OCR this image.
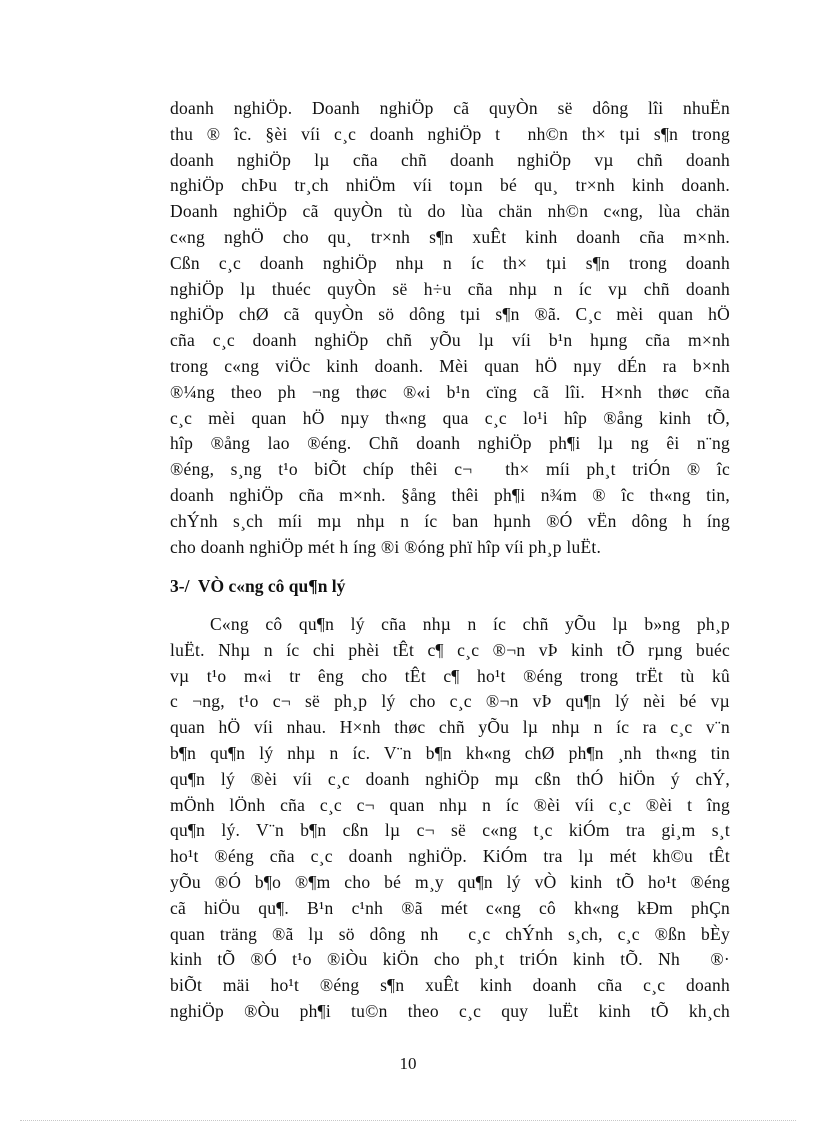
doanh nghiÖp. Doanh nghiÖp cã quyÒn së dông lîi nhuËn
thu ® îc. §èi víi c¸c doanh nghiÖp t  nh©n th× tµi s¶n trong
doanh nghiÖp lµ cña chñ doanh nghiÖp vµ chñ doanh
nghiÖp chÞu tr¸ch nhiÖm víi toµn bé qu¸ tr×nh kinh doanh.
Doanh nghiÖp cã quyÒn tù do lùa chän nh©n c«ng, lùa chän
c«ng nghÖ cho qu¸ tr×nh s¶n xuÊt kinh doanh cña m×nh.
Cßn c¸c doanh nghiÖp nhµ n íc th× tµi s¶n trong doanh
nghiÖp lµ thuéc quyÒn së h÷u cña nhµ n íc vµ chñ doanh
nghiÖp chØ cã quyÒn sö dông tµi s¶n ®ã. C¸c mèi quan hÖ
cña c¸c doanh nghiÖp chñ yÕu lµ víi b¹n hµng cña m×nh
trong c«ng viÖc kinh doanh. Mèi quan hÖ nµy dÉn ra b×nh
®¼ng theo ph ¬ng thøc ®«i b¹n cïng cã lîi. H×nh thøc cña
c¸c mèi quan hÖ nµy th«ng qua c¸c lo¹i hîp ®ång kinh tÕ,
hîp ®ång lao ®éng. Chñ doanh nghiÖp ph¶i lµ ng êi n¨ng
®éng, s¸ng t¹o biÕt chíp thêi c¬  th× míi ph¸t triÓn ® îc
doanh nghiÖp cña m×nh. §ång thêi ph¶i n¾m ® îc th«ng tin,
chÝnh s¸ch míi mµ nhµ n íc ban hµnh ®Ó vËn dông h íng
cho doanh nghiÖp mét h íng ®i ®óng phï hîp víi ph¸p luËt.
3-/ VÒ c«ng cô qu¶n lý
C«ng cô qu¶n lý cña nhµ n íc chñ yÕu lµ b»ng ph¸p
luËt. Nhµ n íc chi phèi tÊt c¶ c¸c ®¬n vÞ kinh tÕ rµng buéc
vµ t¹o m«i tr êng cho tÊt c¶ ho¹t ®éng trong trËt tù kû
c ¬ng, t¹o c¬ së ph¸p lý cho c¸c ®¬n vÞ qu¶n lý nèi bé vµ
quan hÖ víi nhau. H×nh thøc chñ yÕu lµ nhµ n íc ra c¸c v¨n
b¶n qu¶n lý nhµ n íc. V¨n b¶n kh«ng chØ ph¶n ¸nh th«ng tin
qu¶n lý ®èi víi c¸c doanh nghiÖp mµ cßn thÓ hiÖn ý chÝ,
mÖnh lÖnh cña c¸c c¬ quan nhµ n íc ®èi víi c¸c ®èi t îng
qu¶n lý. V¨n b¶n cßn lµ c¬ së c«ng t¸c kiÓm tra gi¸m s¸t
ho¹t ®éng cña c¸c doanh nghiÖp. KiÓm tra lµ mét kh©u tÊt
yÕu ®Ó b¶o ®¶m cho bé m¸y qu¶n lý vÒ kinh tÕ ho¹t ®éng
cã hiÖu qu¶. B¹n c¹nh ®ã mét c«ng cô kh«ng kÐm phÇn
quan träng ®ã lµ sö dông nh  c¸c chÝnh s¸ch, c¸c ®ßn bÈy
kinh tÕ ®Ó t¹o ®iÒu kiÖn cho ph¸t triÓn kinh tÕ. Nh  ®·
biÕt mäi ho¹t ®éng s¶n xuÊt kinh doanh cña c¸c doanh
nghiÖp ®Òu ph¶i tu©n theo c¸c quy luËt kinh tÕ kh¸ch
10
